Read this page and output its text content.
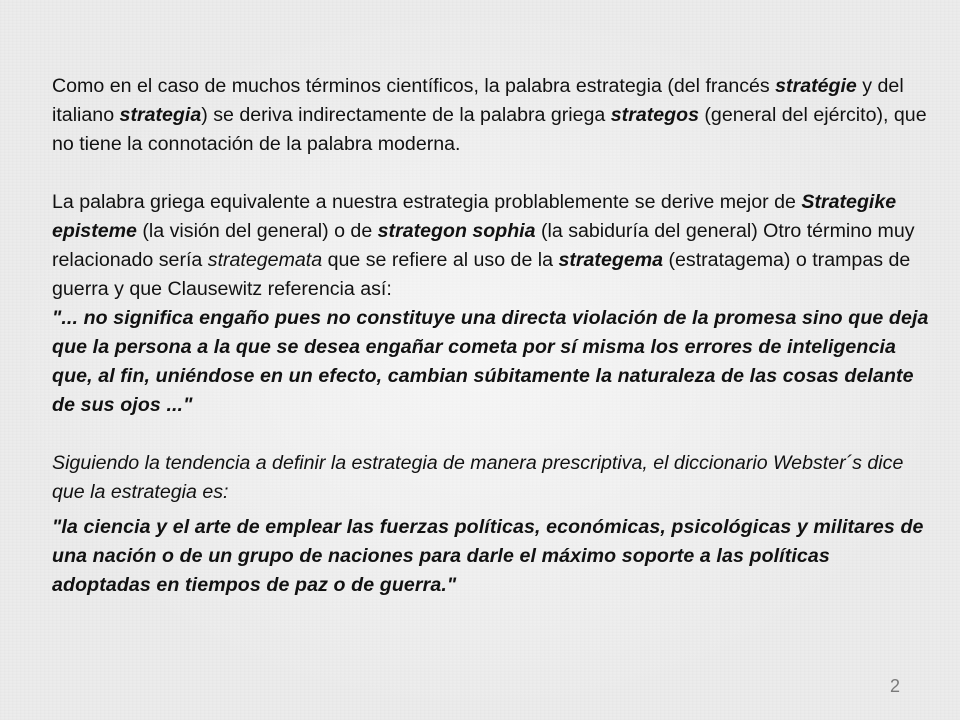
Como en el caso de muchos términos científicos, la palabra estrategia (del francés stratégie y del italiano strategia) se deriva indirectamente de la palabra griega strategos (general del ejército), que no tiene la connotación de la palabra moderna.

La palabra griega equivalente a nuestra estrategia problablemente se derive mejor de Strategike episteme (la visión del general) o de strategon sophia (la sabiduría del general) Otro término muy relacionado sería strategemata que se refiere al uso de la strategema (estratagema) o trampas de guerra y que Clausewitz referencia así:

"... no significa engaño pues no constituye una directa violación de la promesa sino que deja que la persona a la que se desea engañar cometa por sí misma los errores de inteligencia que, al fin, uniéndose en un efecto, cambian súbitamente la naturaleza de las cosas delante de sus ojos ..."

Siguiendo la tendencia a definir la estrategia de manera prescriptiva, el diccionario Webster´s dice que la estrategia es:

"la ciencia y el arte de emplear las fuerzas políticas, económicas, psicológicas y militares de una nación o de un grupo de naciones para darle el máximo soporte a las políticas adoptadas en tiempos de paz o de guerra."

2
